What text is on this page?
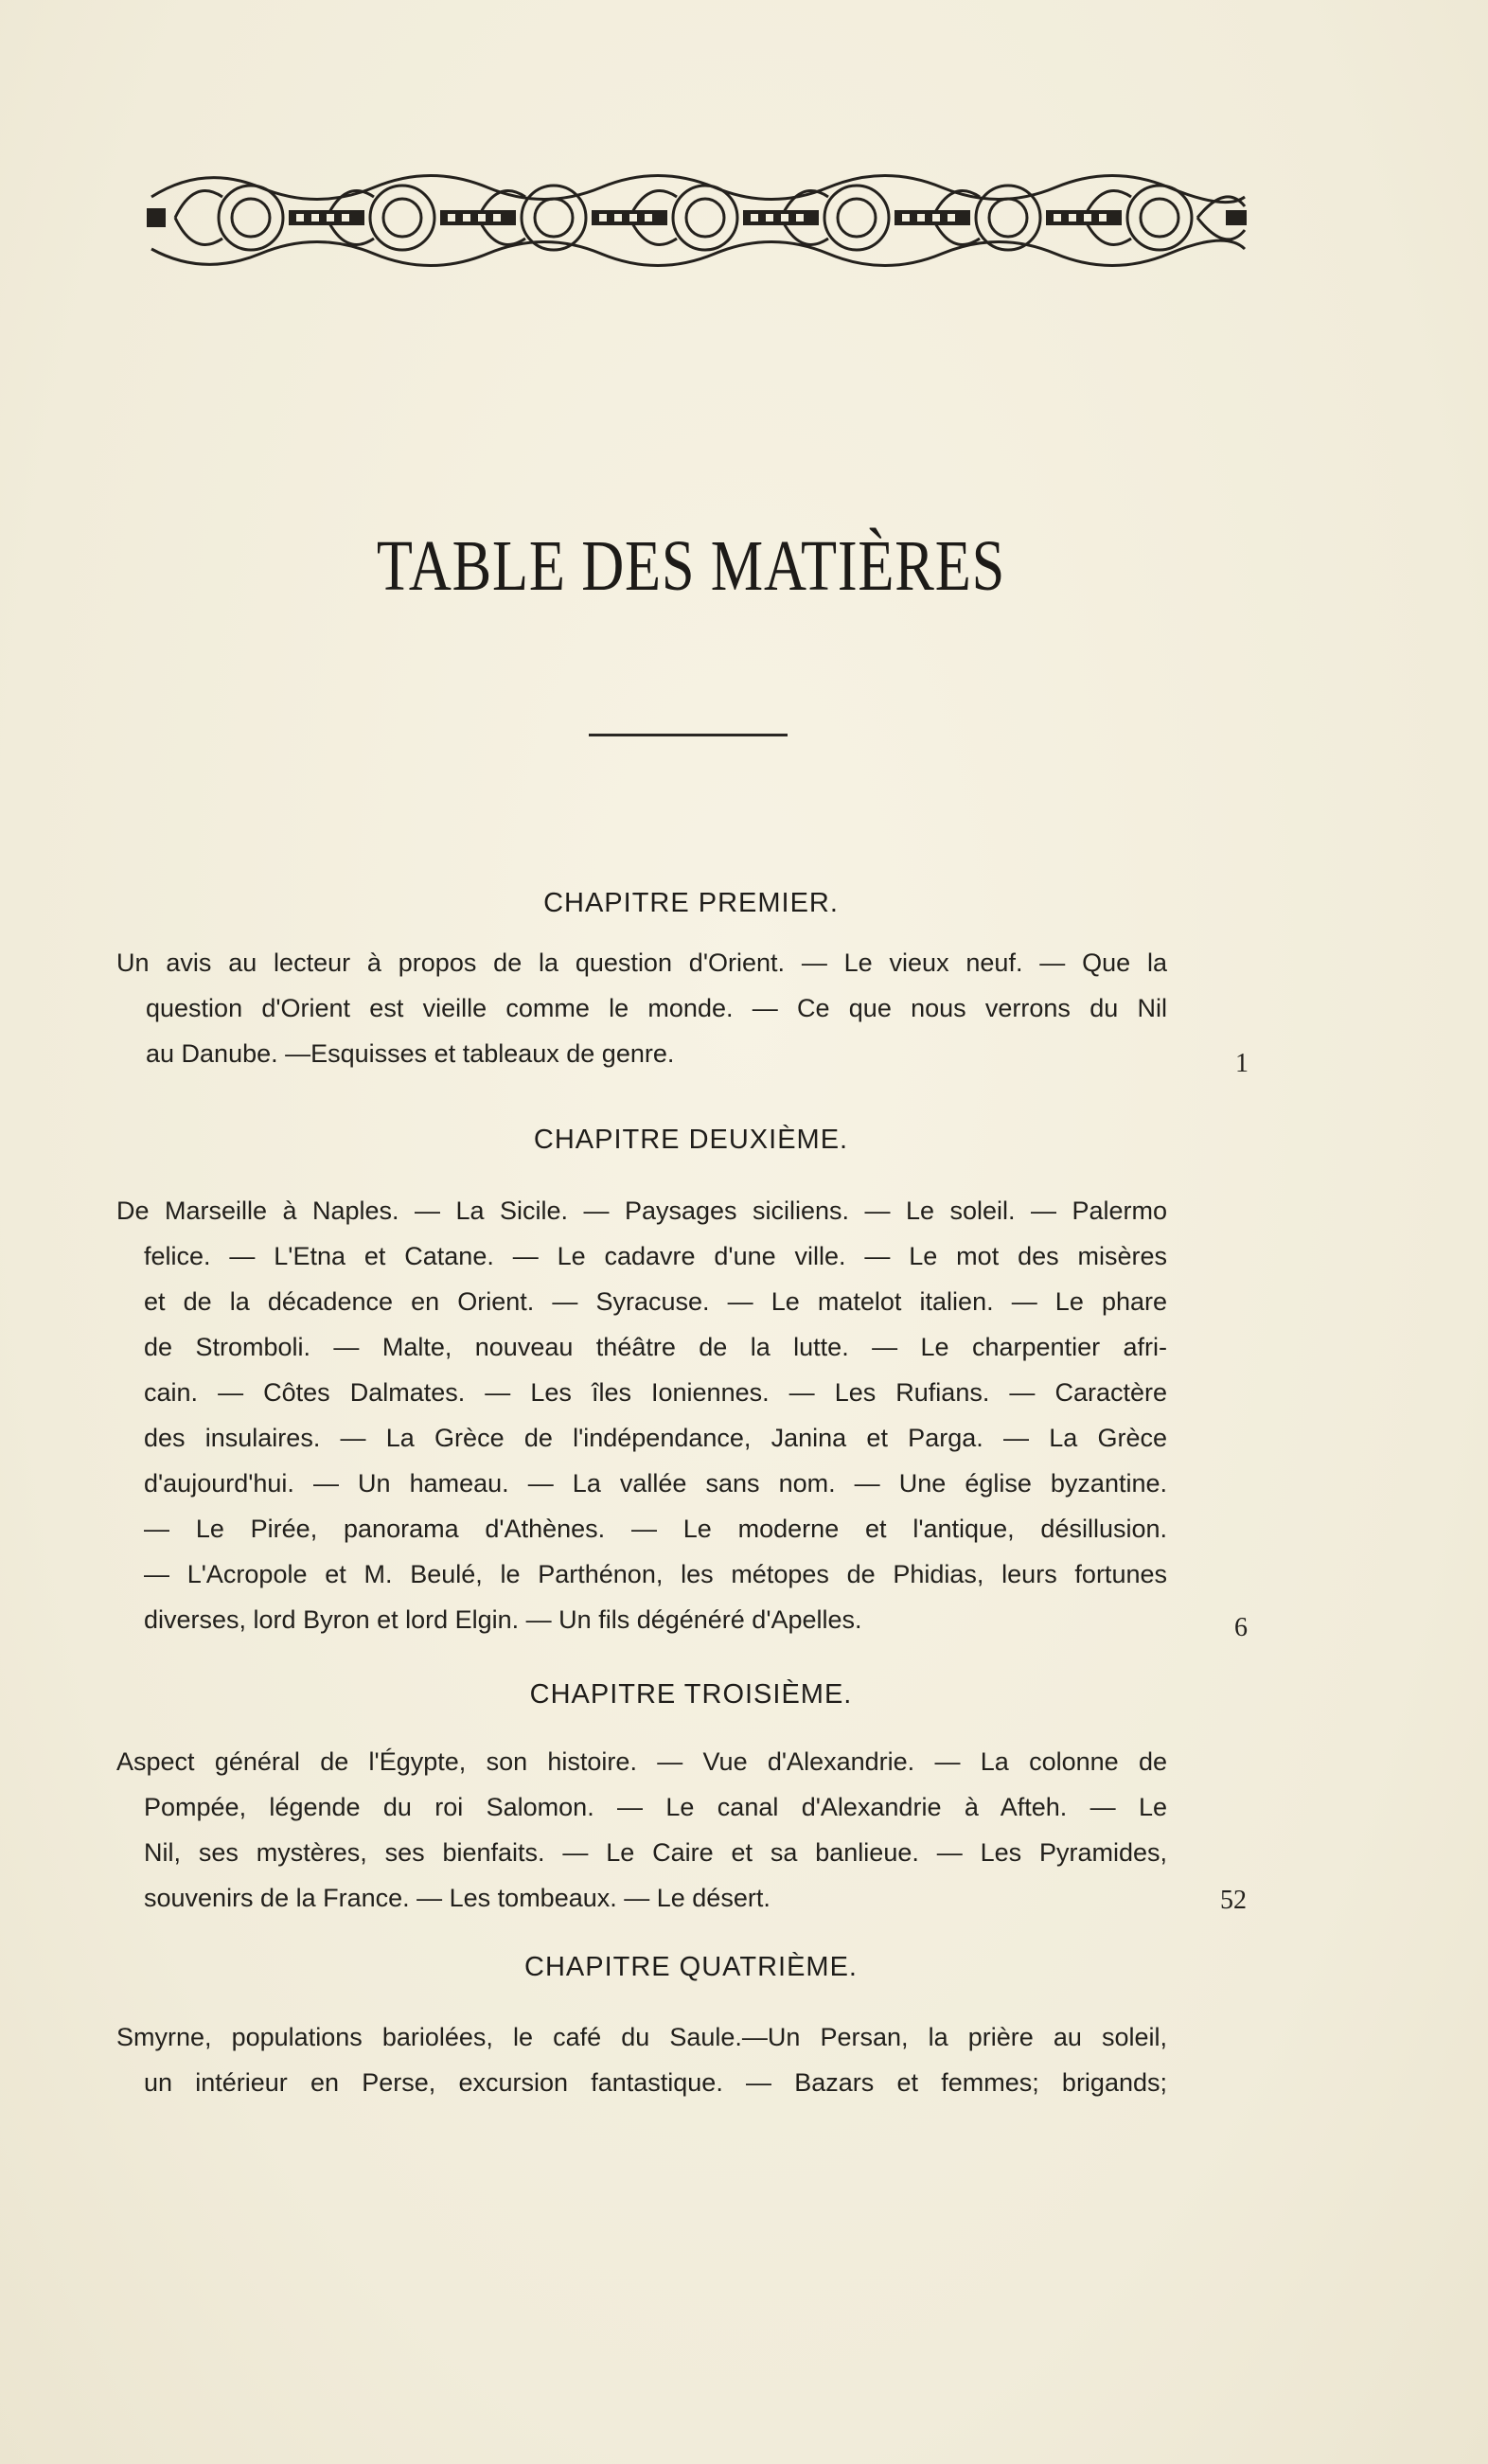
TABLE DES MATIÈRES
CHAPITRE PREMIER.
Un avis au lecteur à propos de la question d'Orient. — Le vieux neuf. — Que la
question d'Orient est vieille comme le monde. — Ce que nous verrons du Nil
au Danube. —Esquisses et tableaux de genre.	1
CHAPITRE DEUXIÈME.
De Marseille à Naples. — La Sicile. — Paysages siciliens. — Le soleil. — Palermo
felice. — L'Etna et Catane. — Le cadavre d'une ville. — Le mot des misères
et de la décadence en Orient. — Syracuse. — Le matelot italien. — Le phare
de Stromboli. — Malte, nouveau théâtre de la lutte. — Le charpentier afri-
cain. — Côtes Dalmates. — Les îles Ioniennes. — Les Rufians. — Caractère
des insulaires. — La Grèce de l'indépendance, Janina et Parga. — La Grèce
d'aujourd'hui. — Un hameau. — La vallée sans nom. — Une église byzantine.
— Le Pirée, panorama d'Athènes. — Le moderne et l'antique, désillusion.
— L'Acropole et M. Beulé, le Parthénon, les métopes de Phidias, leurs fortunes
diverses, lord Byron et lord Elgin. — Un fils dégénéré d'Apelles.	6
CHAPITRE TROISIÈME.
Aspect général de l'Égypte, son histoire. — Vue d'Alexandrie. — La colonne de
Pompée, légende du roi Salomon. — Le canal d'Alexandrie à Afteh. — Le
Nil, ses mystères, ses bienfaits. — Le Caire et sa banlieue. — Les Pyramides,
souvenirs de la France. — Les tombeaux. — Le désert.	52
CHAPITRE QUATRIÈME.
Smyrne, populations bariolées, le café du Saule.—Un Persan, la prière au soleil,
un intérieur en Perse, excursion fantastique. — Bazars et femmes; brigands;
